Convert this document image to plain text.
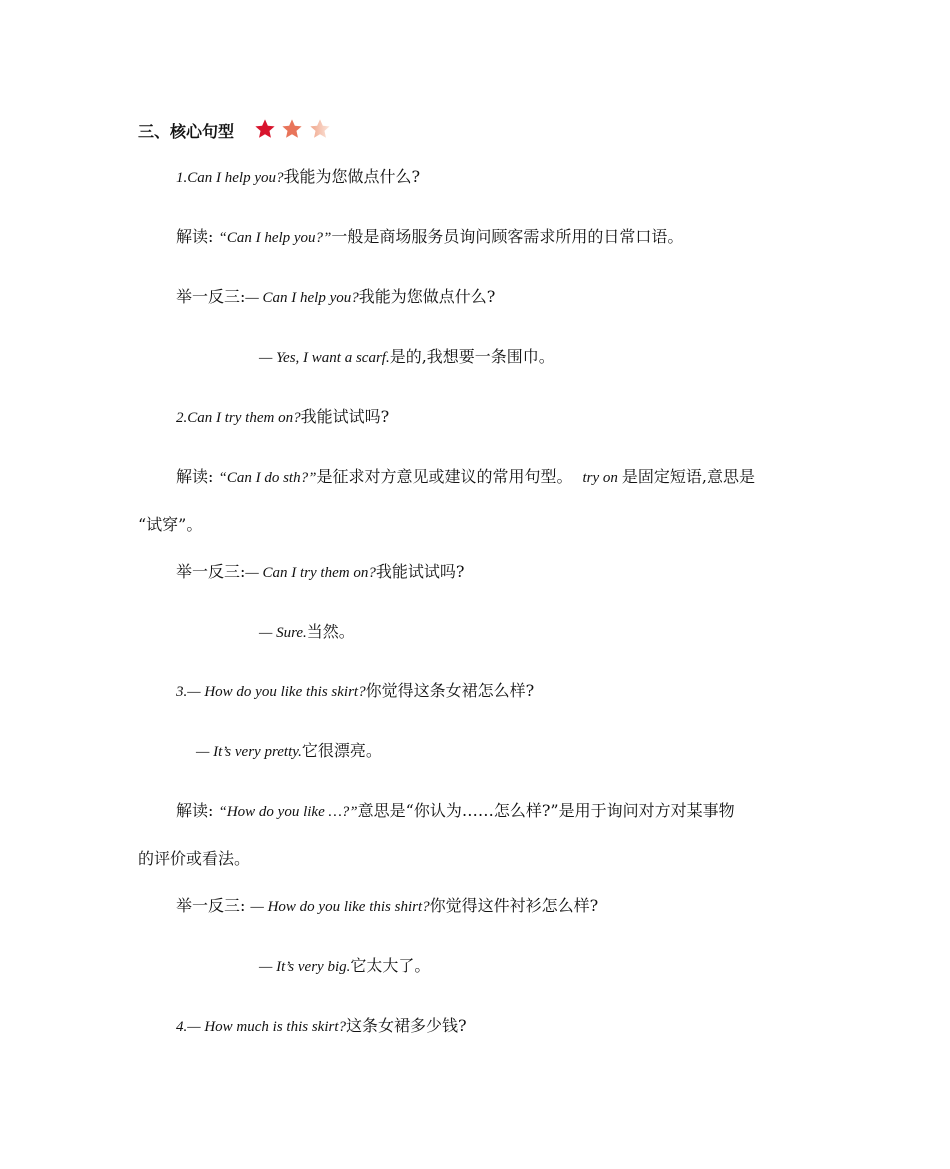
三、核心句型
1.Can I help you?我能为您做点什么?
解读: “Can I help you?”一般是商场服务员询问顾客需求所用的日常口语。
举一反三:— Can I help you?我能为您做点什么?
— Yes, I want a scarf.是的,我想要一条围巾。
2.Can I try them on?我能试试吗?
解读: “Can I do sth?”是征求对方意见或建议的常用句型。 try on 是固定短语,意思是
“试穿”。
举一反三:— Can I try them on?我能试试吗?
— Sure.当然。
3.— How do you like this skirt?你觉得这条女裙怎么样?
— It’s very pretty.它很漂亮。
解读: “How do you like …?”意思是“你认为……怎么样?”是用于询问对方对某事物
的评价或看法。
举一反三: — How do you like this shirt?你觉得这件衬衫怎么样?
— It’s very big.它太大了。
4.— How much is this skirt?这条女裙多少钱?
